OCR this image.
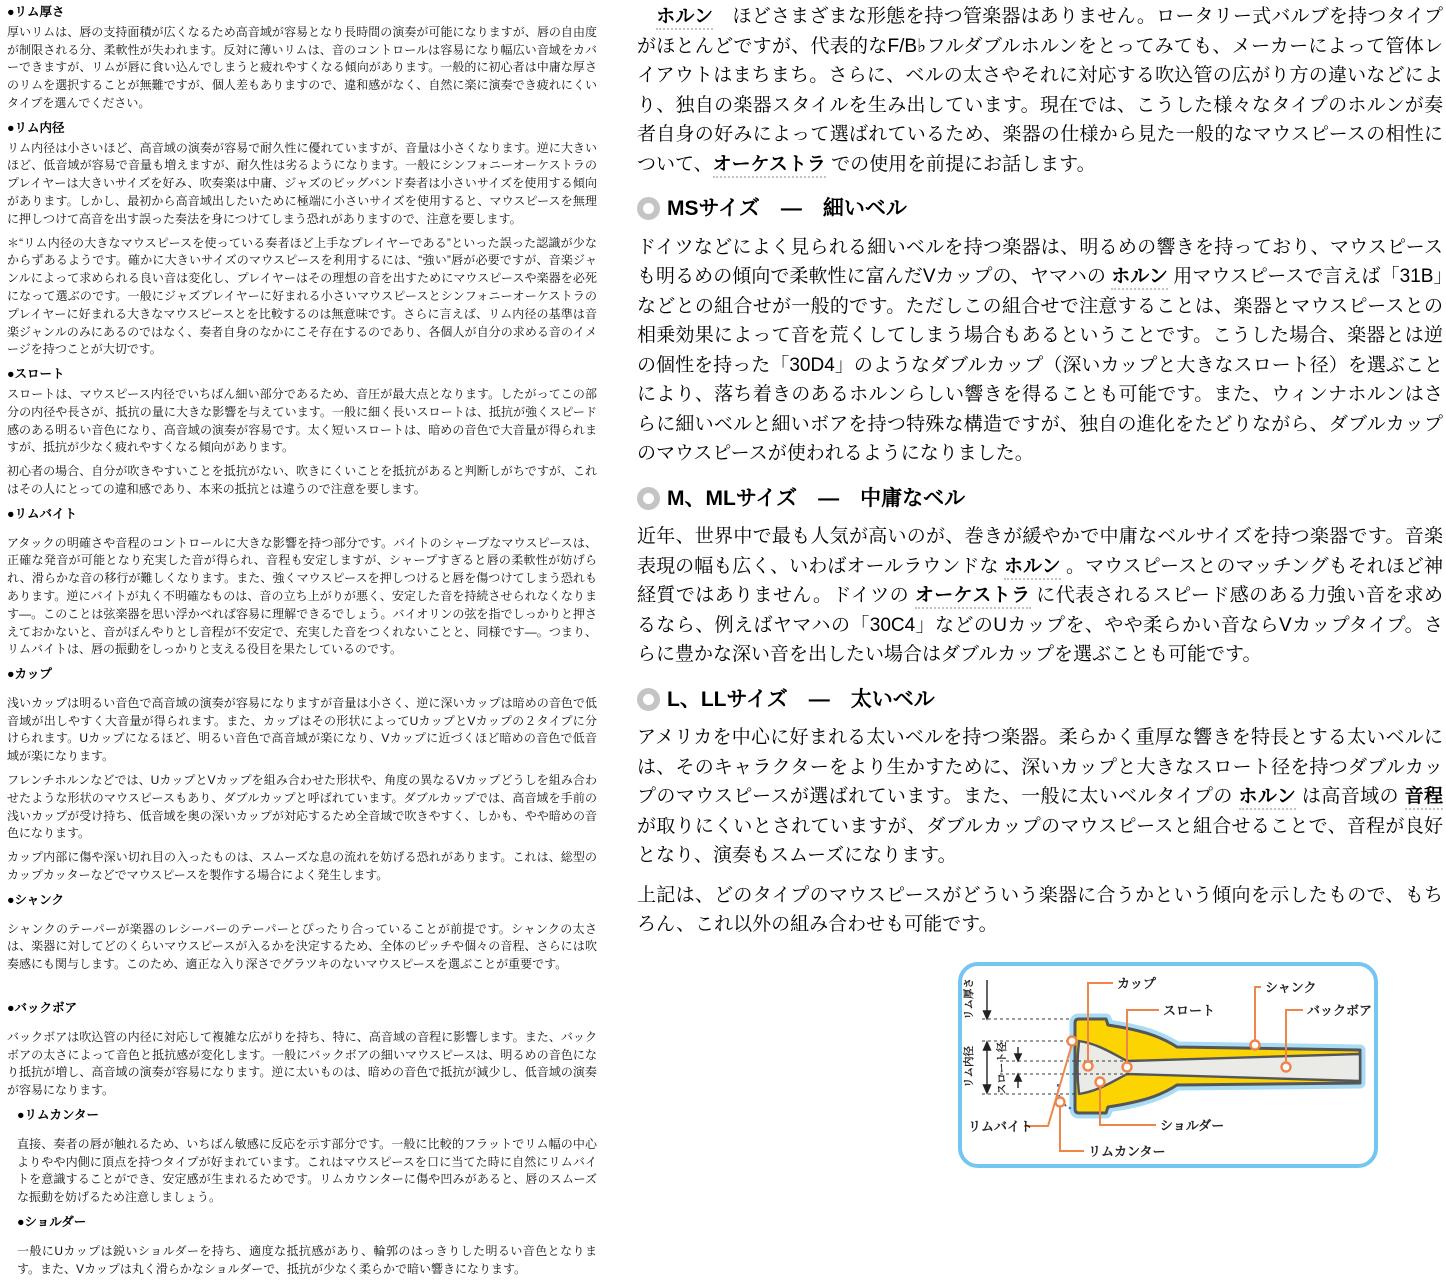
●リム厚さ

厚いリムは、唇の支持面積が広くなるため高音域が容易となり長時間の演奏が可能になりますが、唇の自由度が制限される分、柔軟性が失われます。反対に薄いリムは、音のコントロールは容易になり幅広い音域をカバーできますが、リムが唇に食い込んでしまうと疲れやすくなる傾向があります。一般的に初心者は中庸な厚さのリムを選択することが無難ですが、個人差もありますので、違和感がなく、自然に楽に演奏でき疲れにくいタイプを選んでください。

●リム内径

リム内径は小さいほど、高音域の演奏が容易で耐久性に優れていますが、音量は小さくなります。逆に大きいほど、低音域が容易で音量も増えますが、耐久性は劣るようになります。一般にシンフォニーオーケストラのプレイヤーは大きいサイズを好み、吹奏楽は中庸、ジャズのビッグバンド奏者は小さいサイズを使用する傾向があります。しかし、最初から高音域出したいために極端に小さいサイズを使用すると、マウスピースを無理に押しつけて高音を出す誤った奏法を身につけてしまう恐れがありますので、注意を要します。

＊“リム内径の大きなマウスピースを使っている奏者ほど上手なプレイヤーである”といった誤った認識が少なからずあるようです。確かに大きいサイズのマウスピースを利用するには、“強い”唇が必要ですが、音楽ジャンルによって求められる良い音は変化し、プレイヤーはその理想の音を出すためにマウスピースや楽器を必死になって選ぶのです。一般にジャズプレイヤーに好まれる小さいマウスピースとシンフォニーオーケストラのプレイヤーに好まれる大きなマウスピースとを比較するのは無意味です。さらに言えば、リム内径の基準は音楽ジャンルのみにあるのではなく、奏者自身のなかにこそ存在するのであり、各個人が自分の求める音のイメージを持つことが大切です。

●スロート

スロートは、マウスピース内径でいちばん細い部分であるため、音圧が最大点となります。したがってこの部分の内径や長さが、抵抗の量に大きな影響を与えています。一般に細く長いスロートは、抵抗が強くスピード感のある明るい音色になり、高音域の演奏が容易です。太く短いスロートは、暗めの音色で大音量が得られますが、抵抗が少なく疲れやすくなる傾向があります。

初心者の場合、自分が吹きやすいことを抵抗がない、吹きにくいことを抵抗があると判断しがちですが、これはその人にとっての違和感であり、本来の抵抗とは違うので注意を要します。

●リムバイト

アタックの明確さや音程のコントロールに大きな影響を持つ部分です。バイトのシャープなマウスピースは、正確な発音が可能となり充実した音が得られ、音程も安定しますが、シャープすぎると唇の柔軟性が妨げられ、滑らかな音の移行が難しくなります。また、強くマウスピースを押しつけると唇を傷つけてしまう恐れもあります。逆にバイトが丸く不明確なものは、音の立ち上がりが悪く、安定した音を持続させられなくなります―。このことは弦楽器を思い浮かべれば容易に理解できるでしょう。バイオリンの弦を指でしっかりと押さえておかないと、音がぼんやりとし音程が不安定で、充実した音をつくれないことと、同様です―。つまり、リムバイトは、唇の振動をしっかりと支える役目を果たしているのです。

●カップ

浅いカップは明るい音色で高音域の演奏が容易になりますが音量は小さく、逆に深いカップは暗めの音色で低音域が出しやすく大音量が得られます。また、カップはその形状によってUカップとVカップの２タイプに分けられます。Uカップになるほど、明るい音色で高音域が楽になり、Vカップに近づくほど暗めの音色で低音域が楽になります。

フレンチホルンなどでは、UカップとVカップを組み合わせた形状や、角度の異なるVカップどうしを組み合わせたような形状のマウスピースもあり、ダブルカップと呼ばれています。ダブルカップでは、高音域を手前の浅いカップが受け持ち、低音域を奥の深いカップが対応するため全音域で吹きやすく、しかも、やや暗めの音色になります。

カップ内部に傷や深い切れ目の入ったものは、スムーズな息の流れを妨げる恐れがあります。これは、総型のカップカッターなどでマウスピースを製作する場合によく発生します。

●シャンク

シャンクのテーパーが楽器のレシーバーのテーパーとぴったり合っていることが前提です。シャンクの太さは、楽器に対してどのくらいマウスピースが入るかを決定するため、全体のピッチや個々の音程、さらには吹奏感にも関与します。このため、適正な入り深さでグラツキのないマウスピースを選ぶことが重要です。

●バックボア

バックボアは吹込管の内径に対応して複雑な広がりを持ち、特に、高音域の音程に影響します。また、バックボアの太さによって音色と抵抗感が変化します。一般にバックボアの細いマウスピースは、明るめの音色になり抵抗が増し、高音域の演奏が容易になります。逆に太いものは、暗めの音色で抵抗が減少し、低音域の演奏が容易になります。

●リムカンター

直接、奏者の唇が触れるため、いちばん敏感に反応を示す部分です。一般に比較的フラットでリム幅の中心よりやや内側に頂点を持つタイプが好まれています。これはマウスピースを口に当てた時に自然にリムバイトを意識することができ、安定感が生まれるためです。リムカウンターに傷や凹みがあると、唇のスムーズな振動を妨げるため注意しましょう。

●ショルダー

一般にUカップは鋭いショルダーを持ち、適度な抵抗感があり、輪郭のはっきりした明るい音色となります。また、Vカップは丸く滑らかなショルダーで、抵抗が少なく柔らかで暗い響きになります。

　ホルン　ほどさまざまな形態を持つ管楽器はありません。ロータリー式バルブを持つタイプがほとんどですが、代表的なF/B♭フルダブルホルンをとってみても、メーカーによって管体レイアウトはまちまち。さらに、ベルの太さやそれに対応する吹込管の広がり方の違いなどにより、独自の楽器スタイルを生み出しています。現在では、こうした様々なタイプのホルンが奏者自身の好みによって選ばれているため、楽器の仕様から見た一般的なマウスピースの相性について、オーケストラ での使用を前提にお話します。

MSサイズ　―　細いベル

ドイツなどによく見られる細いベルを持つ楽器は、明るめの響きを持っており、マウスピースも明るめの傾向で柔軟性に富んだVカップの、ヤマハの ホルン 用マウスピースで言えば「31B」などとの組合せが一般的です。ただしこの組合せで注意することは、楽器とマウスピースとの相乗効果によって音を荒くしてしまう場合もあるということです。こうした場合、楽器とは逆の個性を持った「30D4」のようなダブルカップ（深いカップと大きなスロート径）を選ぶことにより、落ち着きのあるホルンらしい響きを得ることも可能です。また、ウィンナホルンはさらに細いベルと細いボアを持つ特殊な構造ですが、独自の進化をたどりながら、ダブルカップのマウスピースが使われるようになりました。

M、MLサイズ　―　中庸なベル

近年、世界中で最も人気が高いのが、巻きが緩やかで中庸なベルサイズを持つ楽器です。音楽表現の幅も広く、いわばオールラウンドな ホルン 。マウスピースとのマッチングもそれほど神経質ではありません。ドイツの オーケストラ に代表されるスピード感のある力強い音を求めるなら、例えばヤマハの「30C4」などのUカップを、やや柔らかい音ならVカップタイプ。さらに豊かな深い音を出したい場合はダブルカップを選ぶことも可能です。

L、LLサイズ　―　太いベル

アメリカを中心に好まれる太いベルを持つ楽器。柔らかく重厚な響きを特長とする太いベルには、そのキャラクターをより生かすために、深いカップと大きなスロート径を持つダブルカップのマウスピースが選ばれています。また、一般に太いベルタイプの ホルン は高音域の 音程 が取りにくいとされていますが、ダブルカップのマウスピースと組合せることで、音程が良好となり、演奏もスムーズになります。

上記は、どのタイプのマウスピースがどういう楽器に合うかという傾向を示したもので、もちろん、これ以外の組み合わせも可能です。

リム厚さ
リム内径 スロート径
カップ
スロート
シャンク
バックボア
リムバイト
リムカンター
ショルダー
